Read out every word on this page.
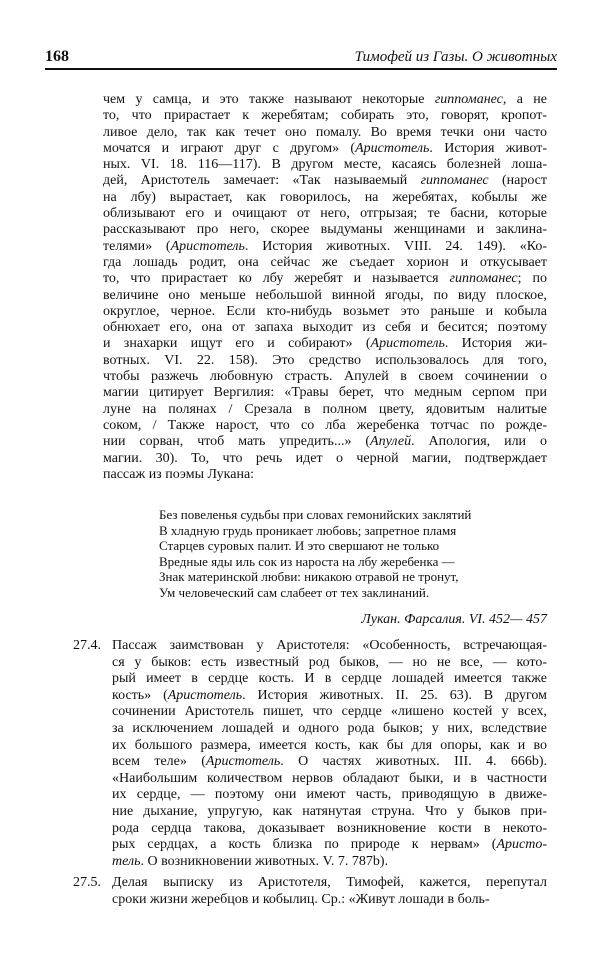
168	Тимофей из Газы. О животных
чем у самца, и это также называют некоторые гиппоманес, а не
то, что прирастает к жеребятам; собирать это, говорят, кропот-
ливое дело, так как течет оно помалу. Во время течки они часто
мочатся и играют друг с другом» (Аристотель. История живот-
ных. VI. 18. 116—117). В другом месте, касаясь болезней лоша-
дей, Аристотель замечает: «Так называемый гиппоманес (нарост
на лбу) вырастает, как говорилось, на жеребятах, кобылы же
облизывают его и очищают от него, отгрызая; те басни, которые
рассказывают про него, скорее выдуманы женщинами и заклина-
телями» (Аристотель. История животных. VIII. 24. 149). «Ко-
гда лошадь родит, она сейчас же съедает хорион и откусывает
то, что прирастает ко лбу жеребят и называется гиппоманес; по
величине оно меньше небольшой винной ягоды, по виду плоское,
округлое, черное. Если кто-нибудь возьмет это раньше и кобыла
обнюхает его, она от запаха выходит из себя и бесится; поэтому
и знахарки ищут его и собирают» (Аристотель. История жи-
вотных. VI. 22. 158). Это средство использовалось для того,
чтобы разжечь любовную страсть. Апулей в своем сочинении о
магии цитирует Вергилия: «Травы берет, что медным серпом при
луне на полянах / Срезала в полном цвету, ядовитым налитые
соком, / Также нарост, что со лба жеребенка тотчас по рожде-
нии сорван, чтоб мать упредить...» (Апулей. Апология, или о
магии. 30). То, что речь идет о черной магии, подтверждает
пассаж из поэмы Лукана:
Без повеленья судьбы при словах гемонийских заклятий
В хладную грудь проникает любовь; запретное пламя
Старцев суровых палит. И это свершают не только
Вредные яды иль сок из нароста на лбу жеребенка —
Знак материнской любви: никакою отравой не тронут,
Ум человеческий сам слабеет от тех заклинаний.
Лукан. Фарсалия. VI. 452— 457
27.4. Пассаж заимствован у Аристотеля: «Особенность, встречающая-
ся у быков: есть известный род быков, — но не все, — кото-
рый имеет в сердце кость. И в сердце лошадей имеется также
кость» (Аристотель. История животных. II. 25. 63). В другом
сочинении Аристотель пишет, что сердце «лишено костей у всех,
за исключением лошадей и одного рода быков; у них, вследствие
их большого размера, имеется кость, как бы для опоры, как и во
всем теле» (Аристотель. О частях животных. III. 4. 666b).
«Наибольшим количеством нервов обладают быки, и в частности
их сердце, — поэтому они имеют часть, приводящую в движе-
ние дыхание, упругую, как натянутая струна. Что у быков при-
рода сердца такова, доказывает возникновение кости в некото-
рых сердцах, а кость близка по природе к нервам» (Аристо-
тель. О возникновении животных. V. 7. 787b).
27.5. Делая выписку из Аристотеля, Тимофей, кажется, перепутал
сроки жизни жеребцов и кобылиц. Ср.: «Живут лошади в боль-
